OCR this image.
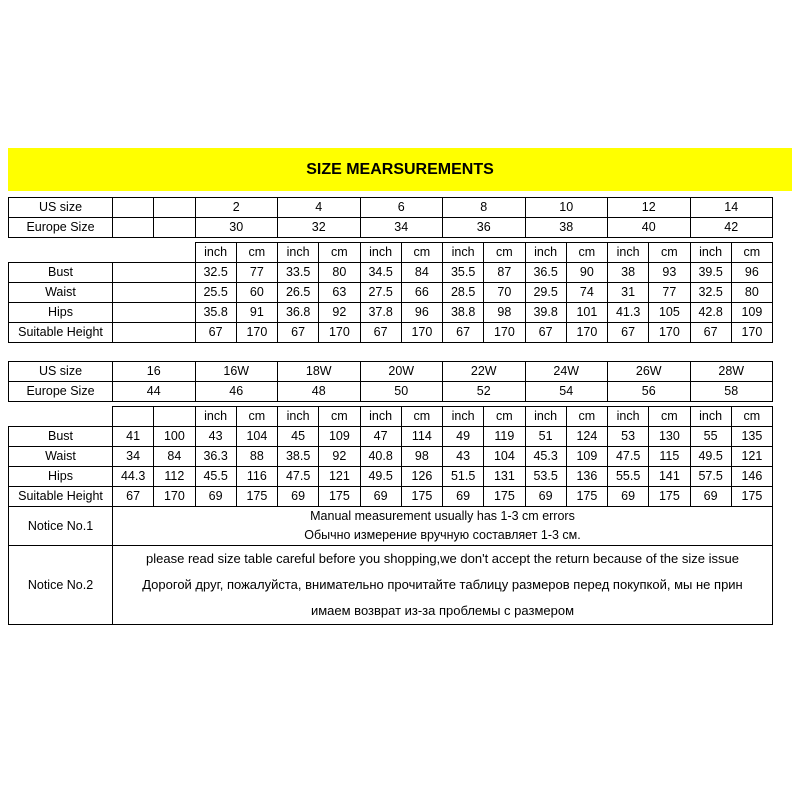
SIZE MEARSUREMENTS
US size			2	4	6	8	10	12	14
Europe Size			30	32	34	36	38	40	42
		inch	cm	inch	cm	inch	cm	inch	cm	inch	cm	inch	cm	inch	cm
Bust		32.5	77	33.5	80	34.5	84	35.5	87	36.5	90	38	93	39.5	96
Waist		25.5	60	26.5	63	27.5	66	28.5	70	29.5	74	31	77	32.5	80
Hips		35.8	91	36.8	92	37.8	96	38.8	98	39.8	101	41.3	105	42.8	109
Suitable Height		67	170	67	170	67	170	67	170	67	170	67	170	67	170
US size	16	16W	18W	20W	22W	24W	26W	28W
Europe Size	44	46	48	50	52	54	56	58
			inch	cm	inch	cm	inch	cm	inch	cm	inch	cm	inch	cm	inch	cm
Bust	41	100	43	104	45	109	47	114	49	119	51	124	53	130	55	135
Waist	34	84	36.3	88	38.5	92	40.8	98	43	104	45.3	109	47.5	115	49.5	121
Hips	44.3	112	45.5	116	47.5	121	49.5	126	51.5	131	53.5	136	55.5	141	57.5	146
Suitable Height	67	170	69	175	69	175	69	175	69	175	69	175	69	175	69	175
Notice No.1	Manual measurement usually has 1-3 cm errors
Обычно измерение вручную составляет 1-3 см.															

Notice No.2	please read size table careful before you shopping,we don't accept the return because of the size issue
Дорогой друг, пожалуйста, внимательно прочитайте таблицу размеров перед покупкой, мы не прин
имаем возврат из-за проблемы с размером															
